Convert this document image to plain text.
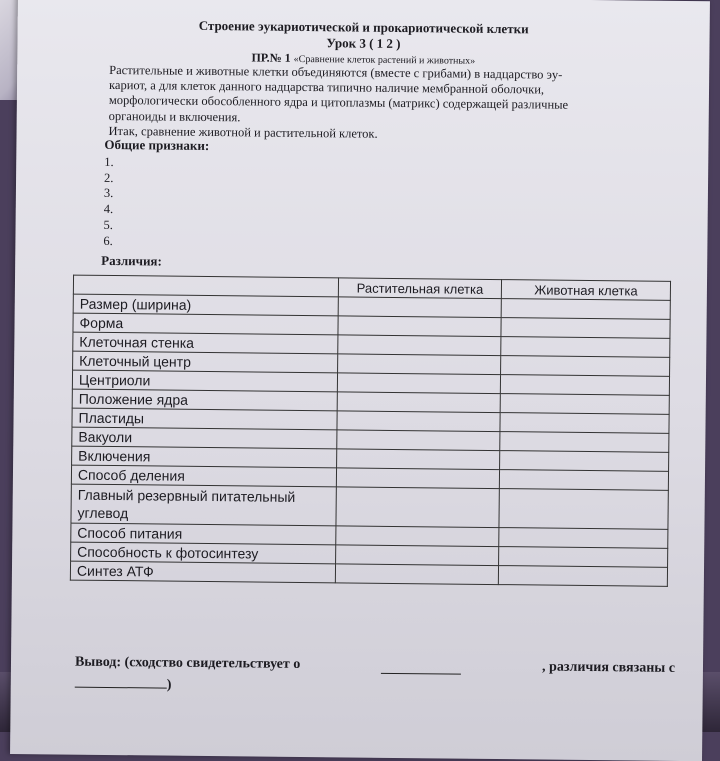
Строение эукариотической и прокариотической клетки
Урок 3 ( 1 2 )
ПР.№ 1 «Сравнение клеток растений и животных»

Растительные и животные клетки объединяются (вместе с грибами) в надцарство эу-

кариот, а для клеток данного надцарства типично наличие мембранной оболочки,

морфологически обособленного ядра и цитоплазмы (матрикс) содержащей различные

органоиды и включения.

Итак, сравнение животной и растительной клеток.

Общие признаки:
1.
2.
3.
4.
5.
6.
Различия:
	Растительная клетка	Животная клетка
Размер (ширина)		
Форма		
Клеточная стенка		
Клеточный центр		
Центриоли		
Положение ядра		
Пластиды		
Вакуоли		
Включения		
Способ деления		
Главный резервный питательный углевод		
Способ питания		
Способность к фотосинтезу		
Синтез АТФ		
Вывод: (сходство свидетельствует о	, различия связаны с
)
